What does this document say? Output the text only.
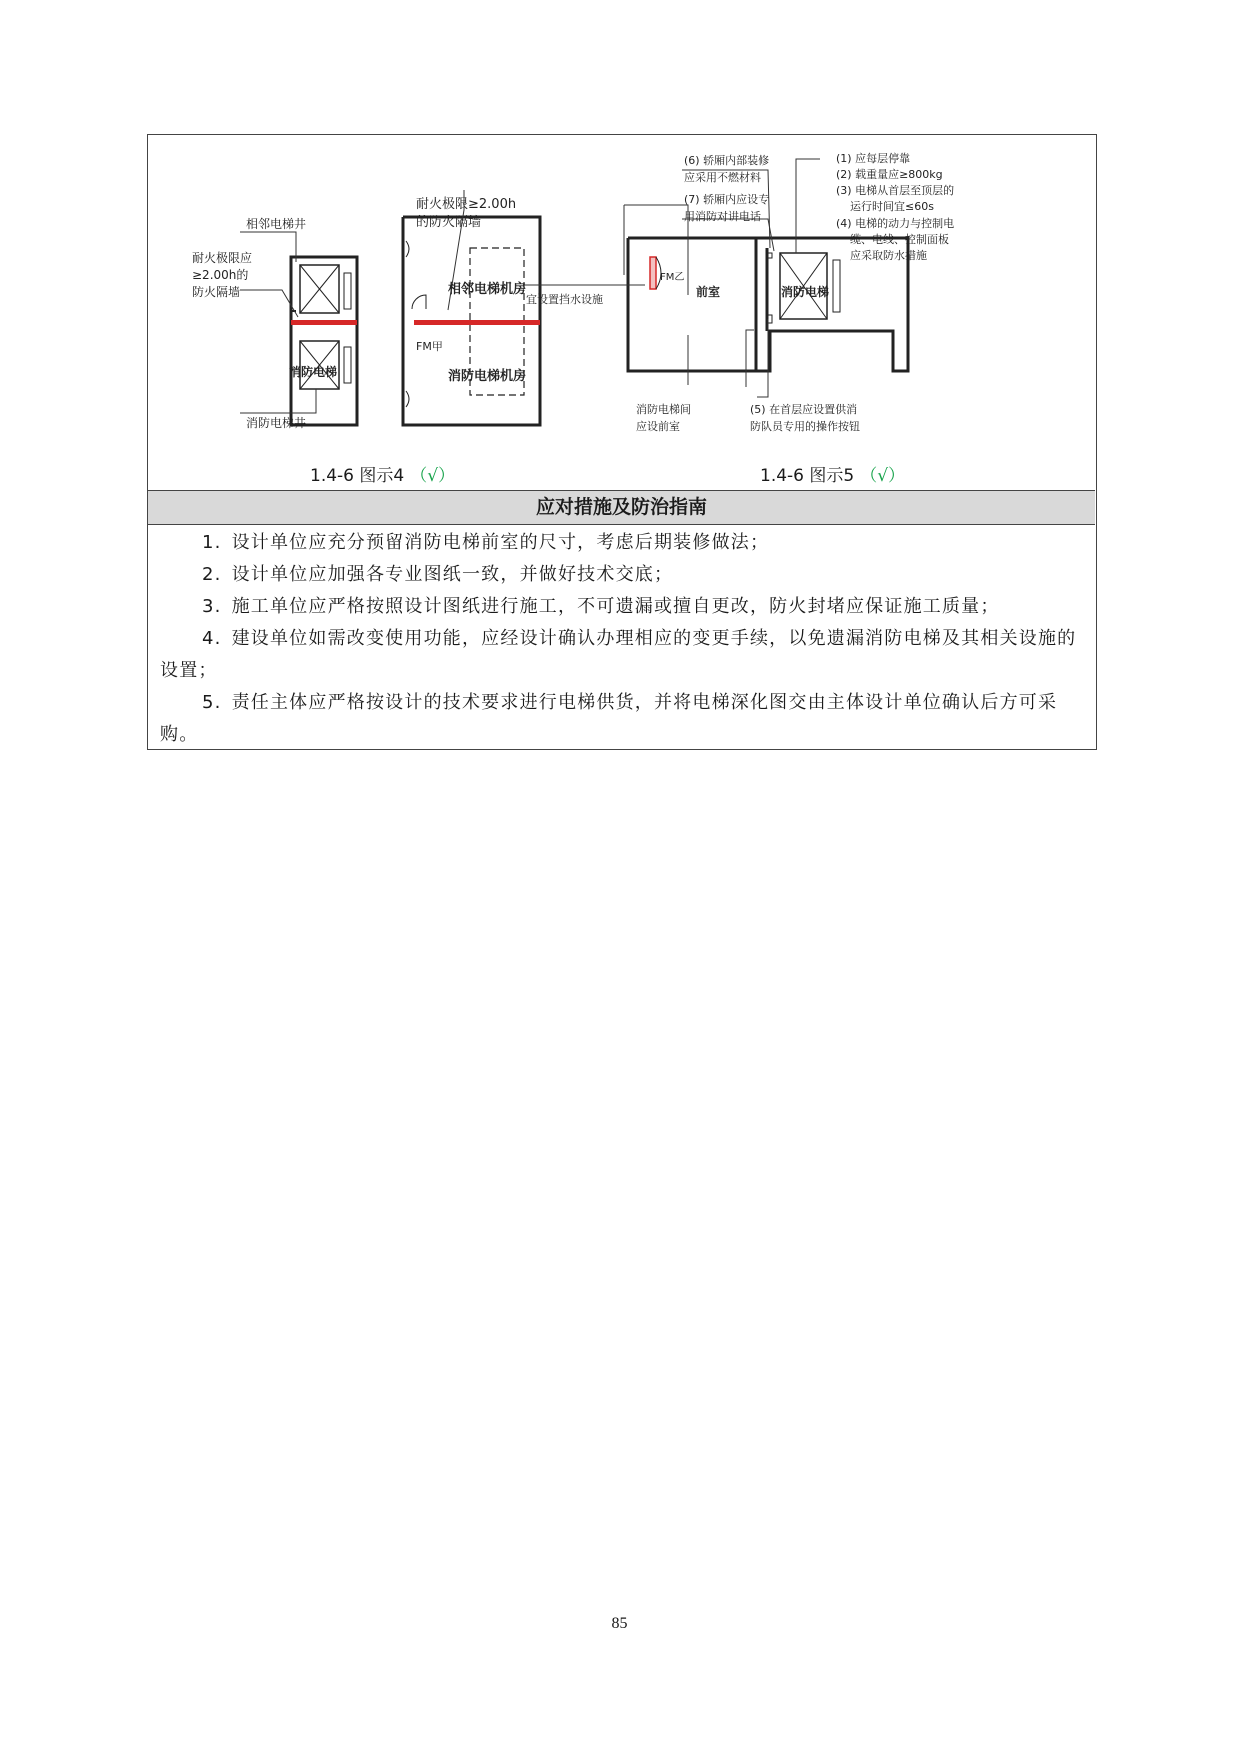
相邻电梯井
耐火极限应
≥2.00h的
防火隔墙
耐火极限≥2.00h
的防火隔墙
消防电梯井
FM甲
相邻电梯机房
消防电梯机房
消防电梯
(6) 轿厢内部装修
应采用不燃材料
(7) 轿厢内应设专
用消防对讲电话
(1) 应每层停靠
(2) 载重量应≥800kg
(3) 电梯从首层至顶层的
运行时间宜≤60s
(4) 电梯的动力与控制电
缆、电线、控制面板
应采取防水措施
宜设置挡水设施
FM乙
消防电梯间
应设前室
(5) 在首层应设置供消
防队员专用的操作按钮
前室	消防电梯
1.4-6 图示4 （√）	1.4-6 图示5 （√）
应对措施及防治指南

1. 设计单位应充分预留消防电梯前室的尺寸，考虑后期装修做法；

2. 设计单位应加强各专业图纸一致，并做好技术交底；

3. 施工单位应严格按照设计图纸进行施工，不可遗漏或擅自更改，防火封堵应保证施工质量；

4. 建设单位如需改变使用功能，应经设计确认办理相应的变更手续，以免遗漏消防电梯及其相关设施的设置；

5. 责任主体应严格按设计的技术要求进行电梯供货，并将电梯深化图交由主体设计单位确认后方可采购。

85
